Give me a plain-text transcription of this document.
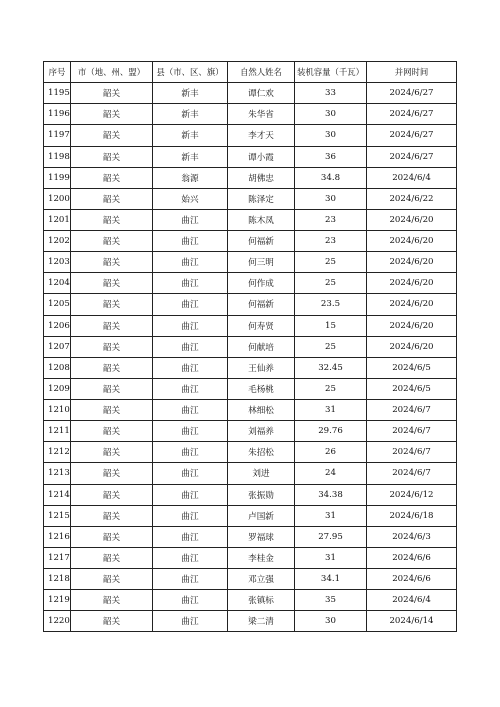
序号	市（地、州、盟）	县（市、区、旗）	自然人姓名	装机容量（千瓦）	并网时间
1195	韶关	新丰	谭仁欢	33	2024/6/27
1196	韶关	新丰	朱华省	30	2024/6/27
1197	韶关	新丰	李才天	30	2024/6/27
1198	韶关	新丰	谭小霞	36	2024/6/27
1199	韶关	翁源	胡佛忠	34.8	2024/6/4
1200	韶关	始兴	陈泽定	30	2024/6/22
1201	韶关	曲江	陈木凤	23	2024/6/20
1202	韶关	曲江	何福新	23	2024/6/20
1203	韶关	曲江	何三明	25	2024/6/20
1204	韶关	曲江	何作成	25	2024/6/20
1205	韶关	曲江	何福新	23.5	2024/6/20
1206	韶关	曲江	何寿贤	15	2024/6/20
1207	韶关	曲江	何献培	25	2024/6/20
1208	韶关	曲江	王仙养	32.45	2024/6/5
1209	韶关	曲江	毛杨桃	25	2024/6/5
1210	韶关	曲江	林细松	31	2024/6/7
1211	韶关	曲江	刘福养	29.76	2024/6/7
1212	韶关	曲江	朱招松	26	2024/6/7
1213	韶关	曲江	刘进	24	2024/6/7
1214	韶关	曲江	张振勋	34.38	2024/6/12
1215	韶关	曲江	卢国新	31	2024/6/18
1216	韶关	曲江	罗福球	27.95	2024/6/3
1217	韶关	曲江	李桂金	31	2024/6/6
1218	韶关	曲江	邓立强	34.1	2024/6/6
1219	韶关	曲江	张镇标	35	2024/6/4
1220	韶关	曲江	梁二清	30	2024/6/14
